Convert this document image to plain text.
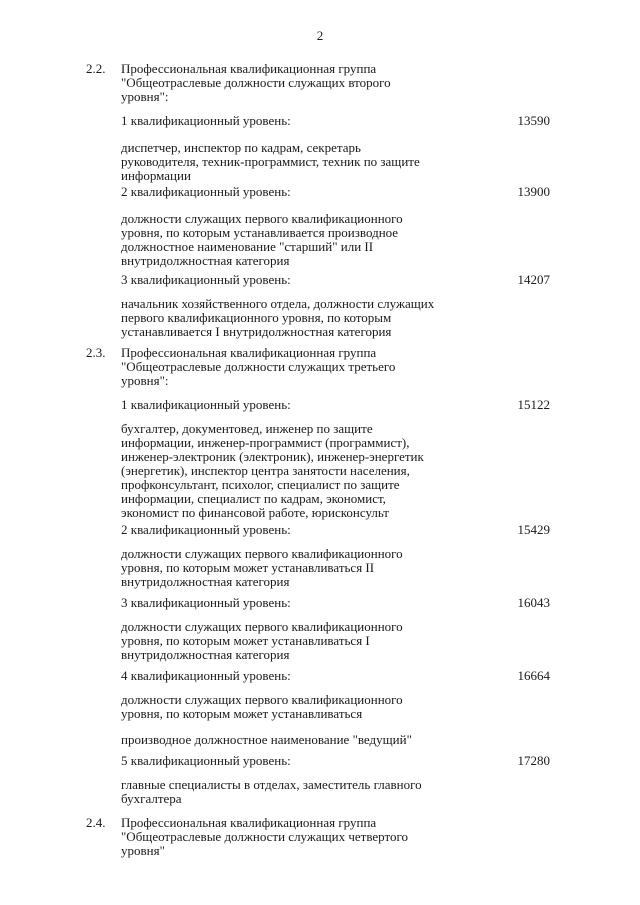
2
2.2. Профессиональная квалификационная группа
"Общеотраслевые должности служащих второго
уровня":
1 квалификационный уровень:	13590
диспетчер, инспектор по кадрам, секретарь
руководителя, техник-программист, техник по защите
информации
2 квалификационный уровень:	13900
должности служащих первого квалификационного
уровня, по которым устанавливается производное
должностное наименование "старший" или II
внутридолжностная категория
3 квалификационный уровень:	14207
начальник хозяйственного отдела, должности служащих
первого квалификационного уровня, по которым
устанавливается I внутридолжностная категория
2.3. Профессиональная квалификационная группа
"Общеотраслевые должности служащих третьего
уровня":
1 квалификационный уровень:	15122
бухгалтер, документовед, инженер по защите
информации, инженер-программист (программист),
инженер-электроник (электроник), инженер-энергетик
(энергетик), инспектор центра занятости населения,
профконсультант, психолог, специалист по защите
информации, специалист по кадрам, экономист,
экономист по финансовой работе, юрисконсульт
2 квалификационный уровень:	15429
должности служащих первого квалификационного
уровня, по которым может устанавливаться II
внутридолжностная категория
3 квалификационный уровень:	16043
должности служащих первого квалификационного
уровня, по которым может устанавливаться I
внутридолжностная категория
4 квалификационный уровень:	16664
должности служащих первого квалификационного
уровня, по которым может устанавливаться
производное должностное наименование "ведущий"
5 квалификационный уровень:	17280
главные специалисты в отделах, заместитель главного
бухгалтера
2.4. Профессиональная квалификационная группа
"Общеотраслевые должности служащих четвертого
уровня"
